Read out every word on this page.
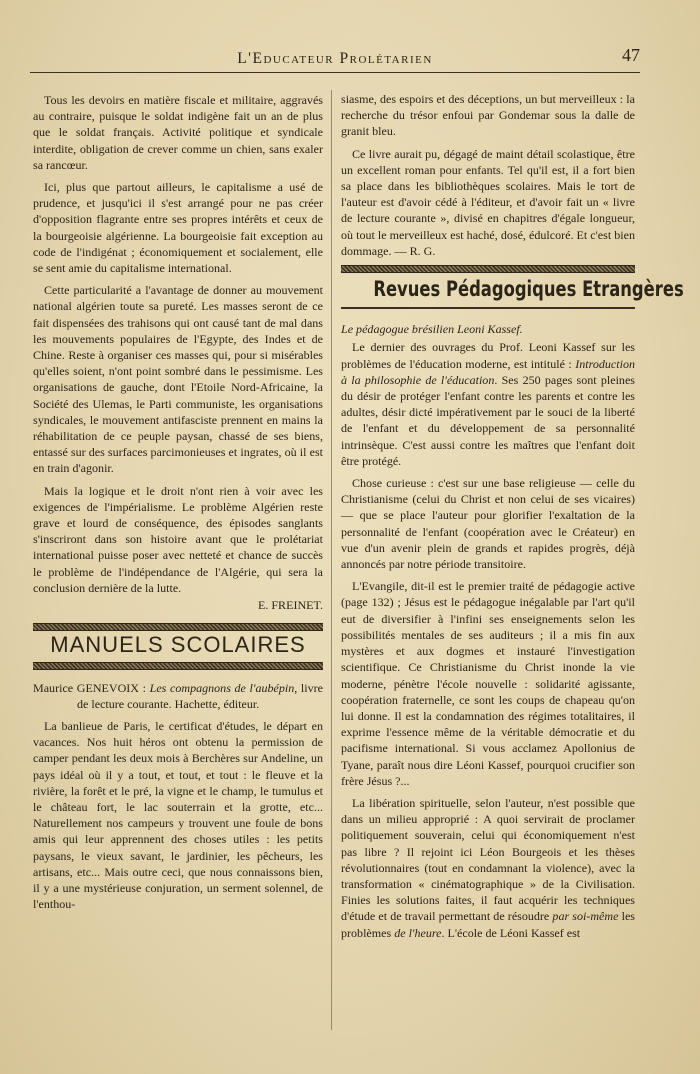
L'Educateur Prolétarien	47

Tous les devoirs en matière fiscale et militaire, aggravés au contraire, puisque le soldat indigène fait un an de plus que le soldat français. Activité politique et syndicale interdite, obligation de crever comme un chien, sans exaler sa rancœur.

Ici, plus que partout ailleurs, le capitalisme a usé de prudence, et jusqu'ici il s'est arrangé pour ne pas créer d'opposition flagrante entre ses propres intérêts et ceux de la bourgeoisie algérienne. La bourgeoisie fait exception au code de l'indigénat ; économiquement et socialement, elle se sent amie du capitalisme international.

Cette particularité a l'avantage de donner au mouvement national algérien toute sa pureté. Les masses seront de ce fait dispensées des trahisons qui ont causé tant de mal dans les mouvements populaires de l'Egypte, des Indes et de Chine. Reste à organiser ces masses qui, pour si misérables qu'elles soient, n'ont point sombré dans le pessimisme. Les organisations de gauche, dont l'Etoile Nord-Africaine, la Société des Ulemas, le Parti communiste, les organisations syndicales, le mouvement antifasciste prennent en mains la réhabilitation de ce peuple paysan, chassé de ses biens, entassé sur des surfaces parcimonieuses et ingrates, où il est en train d'agonir.

Mais la logique et le droit n'ont rien à voir avec les exigences de l'impérialisme. Le problème Algérien reste grave et lourd de conséquence, des épisodes sanglants s'inscriront dans son histoire avant que le prolétariat international puisse poser avec netteté et chance de succès le problème de l'indépendance de l'Algérie, qui sera la conclusion dernière de la lutte.

E. FREINET.

MANUELS SCOLAIRES

Maurice GENEVOIX : Les compagnons de l'aubépin, livre de lecture courante. Hachette, éditeur.

La banlieue de Paris, le certificat d'études, le départ en vacances. Nos huit héros ont obtenu la permission de camper pendant les deux mois à Berchères sur Andeline, un pays idéal où il y a tout, et tout, et tout : le fleuve et la rivière, la forêt et le pré, la vigne et le champ, le tumulus et le château fort, le lac souterrain et la grotte, etc... Naturellement nos campeurs y trouvent une foule de bons amis qui leur apprennent des choses utiles : les petits paysans, le vieux savant, le jardinier, les pêcheurs, les artisans, etc... Mais outre ceci, que nous connaissons bien, il y a une mystérieuse conjuration, un serment solennel, de l'enthou-

siasme, des espoirs et des déceptions, un but merveilleux : la recherche du trésor enfoui par Gondemar sous la dalle de granit bleu.

Ce livre aurait pu, dégagé de maint détail scolastique, être un excellent roman pour enfants. Tel qu'il est, il a fort bien sa place dans les bibliothèques scolaires. Mais le tort de l'auteur est d'avoir cédé à l'éditeur, et d'avoir fait un « livre de lecture courante », divisé en chapitres d'égale longueur, où tout le merveilleux est haché, dosé, édulcoré. Et c'est bien dommage. — R. G.

Revues Pédagogiques Etrangères

Le pédagogue brésilien Leoni Kassef.

Le dernier des ouvrages du Prof. Leoni Kassef sur les problèmes de l'éducation moderne, est intitulé : Introduction à la philosophie de l'éducation. Ses 250 pages sont pleines du désir de protéger l'enfant contre les parents et contre les adultes, désir dicté impérativement par le souci de la liberté de l'enfant et du développement de sa personnalité intrinsèque. C'est aussi contre les maîtres que l'enfant doit être protégé.

Chose curieuse : c'est sur une base religieuse — celle du Christianisme (celui du Christ et non celui de ses vicaires) — que se place l'auteur pour glorifier l'exaltation de la personnalité de l'enfant (coopération avec le Créateur) en vue d'un avenir plein de grands et rapides progrès, déjà annoncés par notre période transitoire.

L'Evangile, dit-il est le premier traité de pédagogie active (page 132) ; Jésus est le pédagogue inégalable par l'art qu'il eut de diversifier à l'infini ses enseignements selon les possibilités mentales de ses auditeurs ; il a mis fin aux mystères et aux dogmes et instauré l'investigation scientifique. Ce Christianisme du Christ inonde la vie moderne, pénètre l'école nouvelle : solidarité agissante, coopération fraternelle, ce sont les coups de chapeau qu'on lui donne. Il est la condamnation des régimes totalitaires, il exprime l'essence même de la véritable démocratie et du pacifisme international. Si vous acclamez Apollonius de Tyane, paraît nous dire Léoni Kassef, pourquoi crucifier son frère Jésus ?...

La libération spirituelle, selon l'auteur, n'est possible que dans un milieu approprié : A quoi servirait de proclamer politiquement souverain, celui qui économiquement n'est pas libre ? Il rejoint ici Léon Bourgeois et les thèses révolutionnaires (tout en condamnant la violence), avec la transformation « cinématographique » de la Civilisation. Finies les solutions faites, il faut acquérir les techniques d'étude et de travail permettant de résoudre par soi-même les problèmes de l'heure. L'école de Léoni Kassef est
